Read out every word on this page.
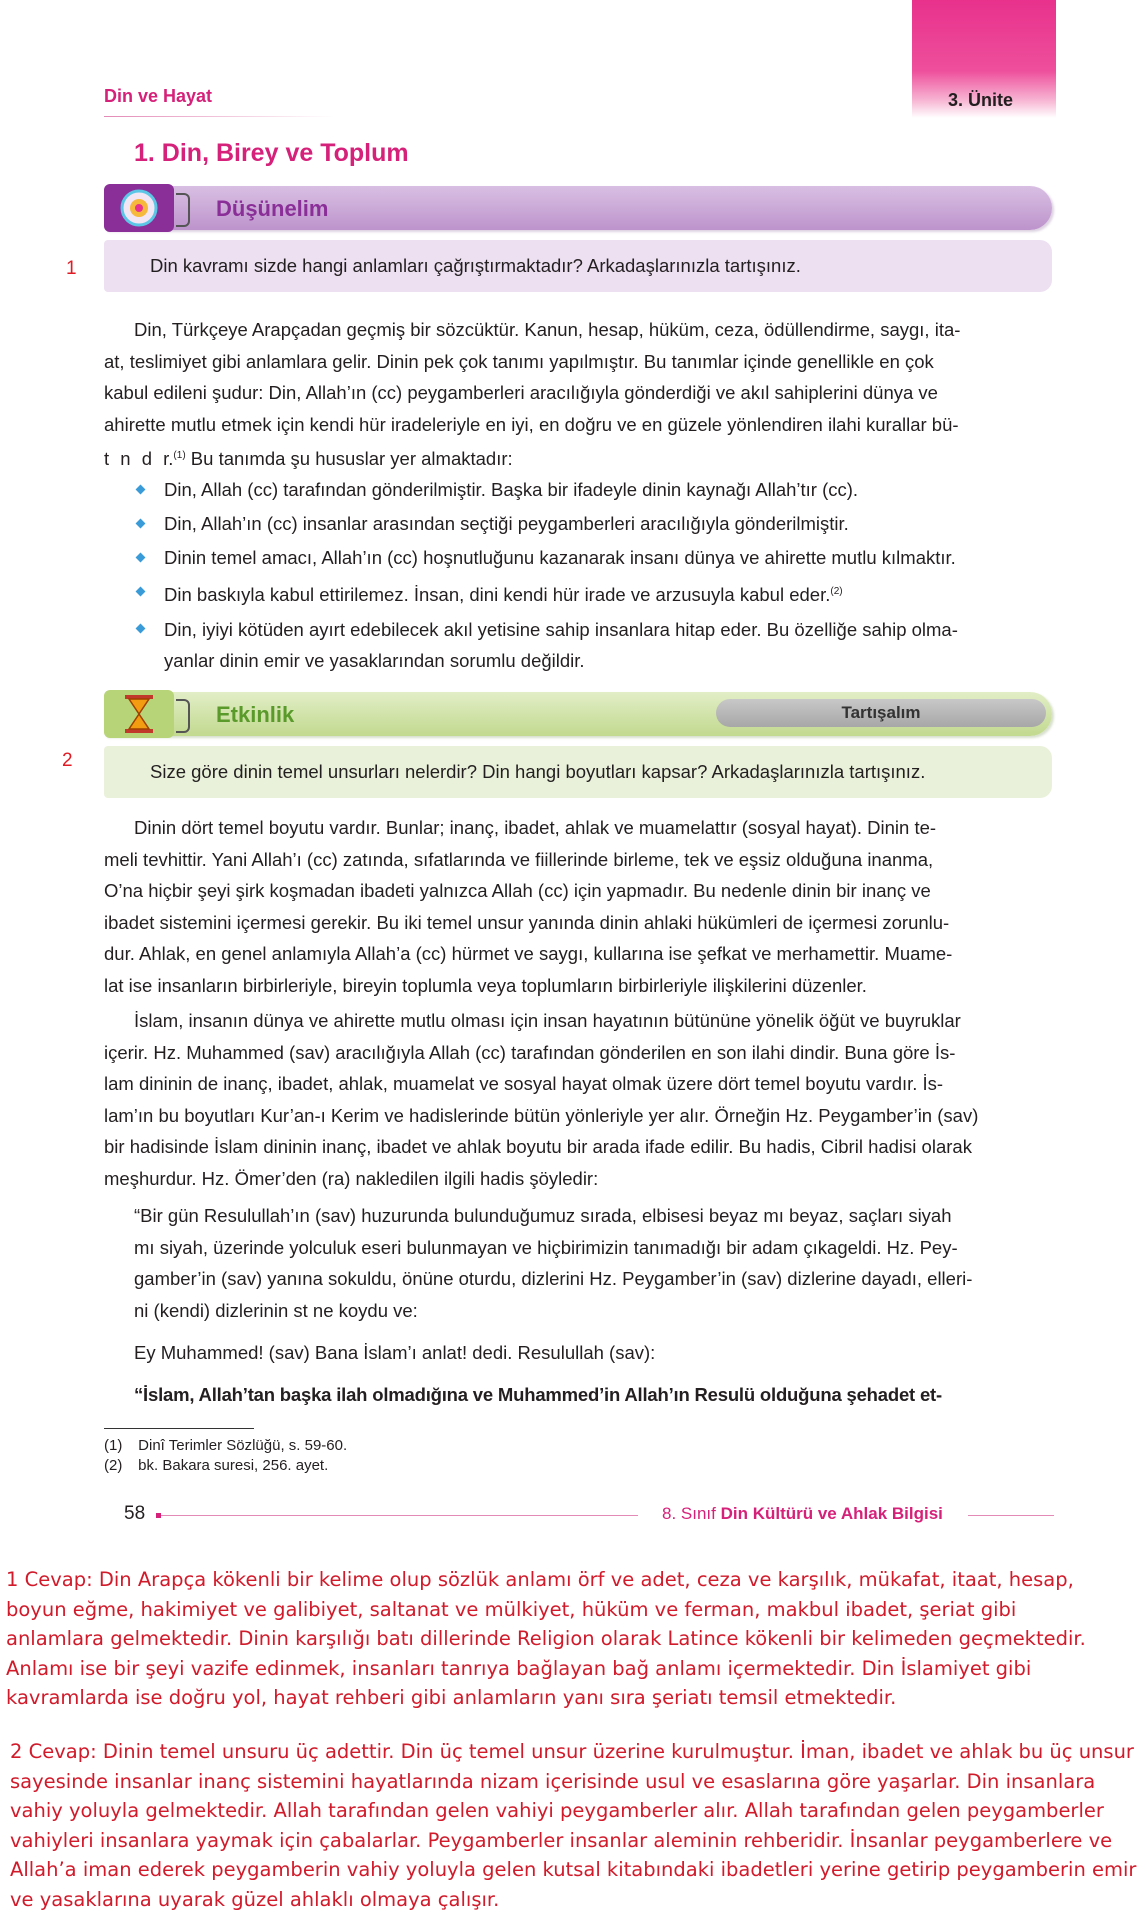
Din ve Hayat	3. Ünite
1. Din, Birey ve Toplum
Düşünelim
1	Din kavramı sizde hangi anlamları çağrıştırmaktadır? Arkadaşlarınızla tartışınız.
Din, Türkçeye Arapçadan geçmiş bir sözcüktür. Kanun, hesap, hüküm, ceza, ödüllendirme, saygı, ita-
at, teslimiyet gibi anlamlara gelir. Dinin pek çok tanımı yapılmıştır. Bu tanımlar içinde genellikle en çok
kabul edileni şudur: Din, Allah’ın (cc) peygamberleri aracılığıyla gönderdiği ve akıl sahiplerini dünya ve
ahirette mutlu etmek için kendi hür iradeleriyle en iyi, en doğru ve en güzele yönlendiren ilahi kurallar bü-
t n d r.$^{(1)}$ Bu tanımda şu hususlar yer almaktadır:
Din, Allah (cc) tarafından gönderilmiştir. Başka bir ifadeyle dinin kaynağı Allah’tır (cc).
Din, Allah’ın (cc) insanlar arasından seçtiği peygamberleri aracılığıyla gönderilmiştir.
Dinin temel amacı, Allah’ın (cc) hoşnutluğunu kazanarak insanı dünya ve ahirette mutlu kılmaktır.
Din baskıyla kabul ettirilemez. İnsan, dini kendi hür irade ve arzusuyla kabul eder.$^{(2)}$
Din, iyiyi kötüden ayırt edebilecek akıl yetisine sahip insanlara hitap eder. Bu özelliğe sahip olma-
yanlar dinin emir ve yasaklarından sorumlu değildir.
Etkinlik	Tartışalım
2
Size göre dinin temel unsurları nelerdir? Din hangi boyutları kapsar? Arkadaşlarınızla tartışınız.
Dinin dört temel boyutu vardır. Bunlar; inanç, ibadet, ahlak ve muamelattır (sosyal hayat). Dinin te-
meli tevhittir. Yani Allah’ı (cc) zatında, sıfatlarında ve fiillerinde birleme, tek ve eşsiz olduğuna inanma,
O’na hiçbir şeyi şirk koşmadan ibadeti yalnızca Allah (cc) için yapmadır. Bu nedenle dinin bir inanç ve
ibadet sistemini içermesi gerekir. Bu iki temel unsur yanında dinin ahlaki hükümleri de içermesi zorunlu-
dur. Ahlak, en genel anlamıyla Allah’a (cc) hürmet ve saygı, kullarına ise şefkat ve merhamettir. Muame-
lat ise insanların birbirleriyle, bireyin toplumla veya toplumların birbirleriyle ilişkilerini düzenler.
İslam, insanın dünya ve ahirette mutlu olması için insan hayatının bütününe yönelik öğüt ve buyruklar
içerir. Hz. Muhammed (sav) aracılığıyla Allah (cc) tarafından gönderilen en son ilahi dindir. Buna göre İs-
lam dininin de inanç, ibadet, ahlak, muamelat ve sosyal hayat olmak üzere dört temel boyutu vardır. İs-
lam’ın bu boyutları Kur’an-ı Kerim ve hadislerinde bütün yönleriyle yer alır. Örneğin Hz. Peygamber’in (sav)
bir hadisinde İslam dininin inanç, ibadet ve ahlak boyutu bir arada ifade edilir. Bu hadis, Cibril hadisi olarak
meşhurdur. Hz. Ömer’den (ra) nakledilen ilgili hadis şöyledir:
“Bir gün Resulullah’ın (sav) huzurunda bulunduğumuz sırada, elbisesi beyaz mı beyaz, saçları siyah
mı siyah, üzerinde yolculuk eseri bulunmayan ve hiçbirimizin tanımadığı bir adam çıkageldi. Hz. Pey-
gamber’in (sav) yanına sokuldu, önüne oturdu, dizlerini Hz. Peygamber’in (sav) dizlerine dayadı, elleri-
ni (kendi) dizlerinin st ne koydu ve:
Ey Muhammed! (sav) Bana İslam’ı anlat! dedi. Resulullah (sav):
“İslam, Allah’tan başka ilah olmadığına ve Muhammed’in Allah’ın Resulü olduğuna şehadet et-
(1) Dinî Terimler Sözlüğü, s. 59-60.
(2) bk. Bakara suresi, 256. ayet.
58	8. Sınıf Din Kültürü ve Ahlak Bilgisi
1 Cevap: Din Arapça kökenli bir kelime olup sözlük anlamı örf ve adet, ceza ve karşılık, mükafat, itaat, hesap,
boyun eğme, hakimiyet ve galibiyet, saltanat ve mülkiyet, hüküm ve ferman, makbul ibadet, şeriat gibi
anlamlara gelmektedir. Dinin karşılığı batı dillerinde Religion olarak Latince kökenli bir kelimeden geçmektedir.
Anlamı ise bir şeyi vazife edinmek, insanları tanrıya bağlayan bağ anlamı içermektedir. Din İslamiyet gibi
kavramlarda ise doğru yol, hayat rehberi gibi anlamların yanı sıra şeriatı temsil etmektedir.
2 Cevap: Dinin temel unsuru üç adettir. Din üç temel unsur üzerine kurulmuştur. İman, ibadet ve ahlak bu üç unsur
sayesinde insanlar inanç sistemini hayatlarında nizam içerisinde usul ve esaslarına göre yaşarlar. Din insanlara
vahiy yoluyla gelmektedir. Allah tarafından gelen vahiyi peygamberler alır. Allah tarafından gelen peygamberler
vahiyleri insanlara yaymak için çabalarlar. Peygamberler insanlar aleminin rehberidir. İnsanlar peygamberlere ve
Allah’a iman ederek peygamberin vahiy yoluyla gelen kutsal kitabındaki ibadetleri yerine getirip peygamberin emir
ve yasaklarına uyarak güzel ahlaklı olmaya çalışır.
